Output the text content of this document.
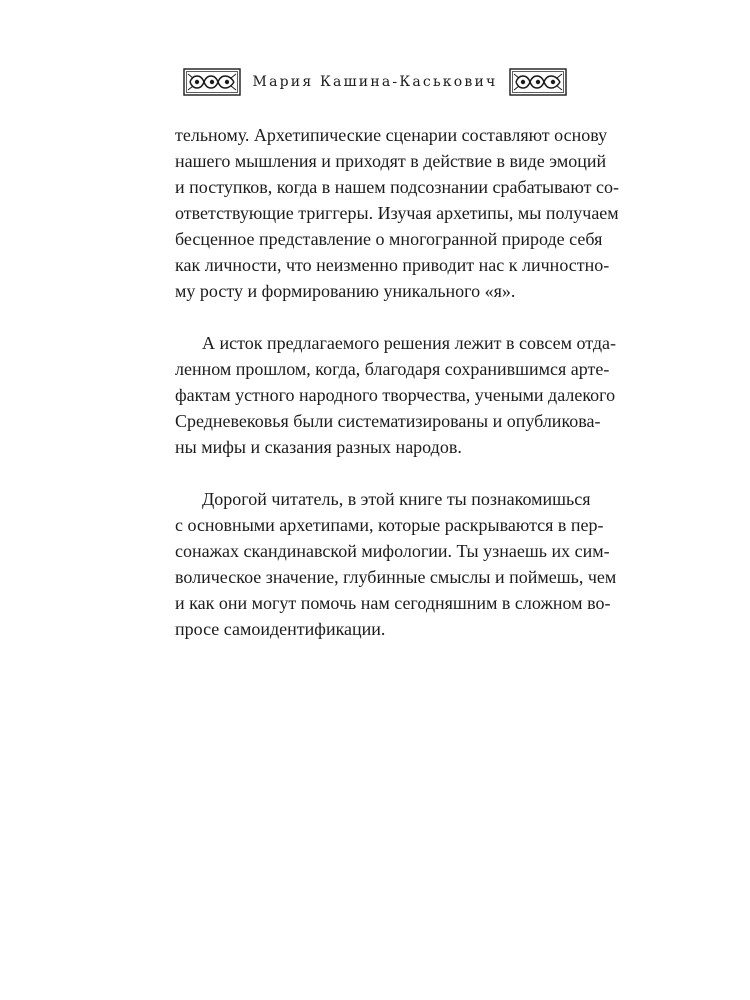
Мария Кашина-Каськович

тельному. Архетипические сценарии составляют основу
нашего мышления и приходят в действие в виде эмоций
и поступков, когда в нашем подсознании срабатывают со-
ответствующие триггеры. Изучая архетипы, мы получаем
бесценное представление о многогранной природе себя
как личности, что неизменно приводит нас к личностно-
му росту и формированию уникального «я».

А исток предлагаемого решения лежит в совсем отда-
ленном прошлом, когда, благодаря сохранившимся арте-
фактам устного народного творчества, учеными далекого
Средневековья были систематизированы и опубликова-
ны мифы и сказания разных народов.

Дорогой читатель, в этой книге ты познакомишься
с основными архетипами, которые раскрываются в пер-
сонажах скандинавской мифологии. Ты узнаешь их сим-
волическое значение, глубинные смыслы и поймешь, чем
и как они могут помочь нам сегодняшним в сложном во-
просе самоидентификации.
